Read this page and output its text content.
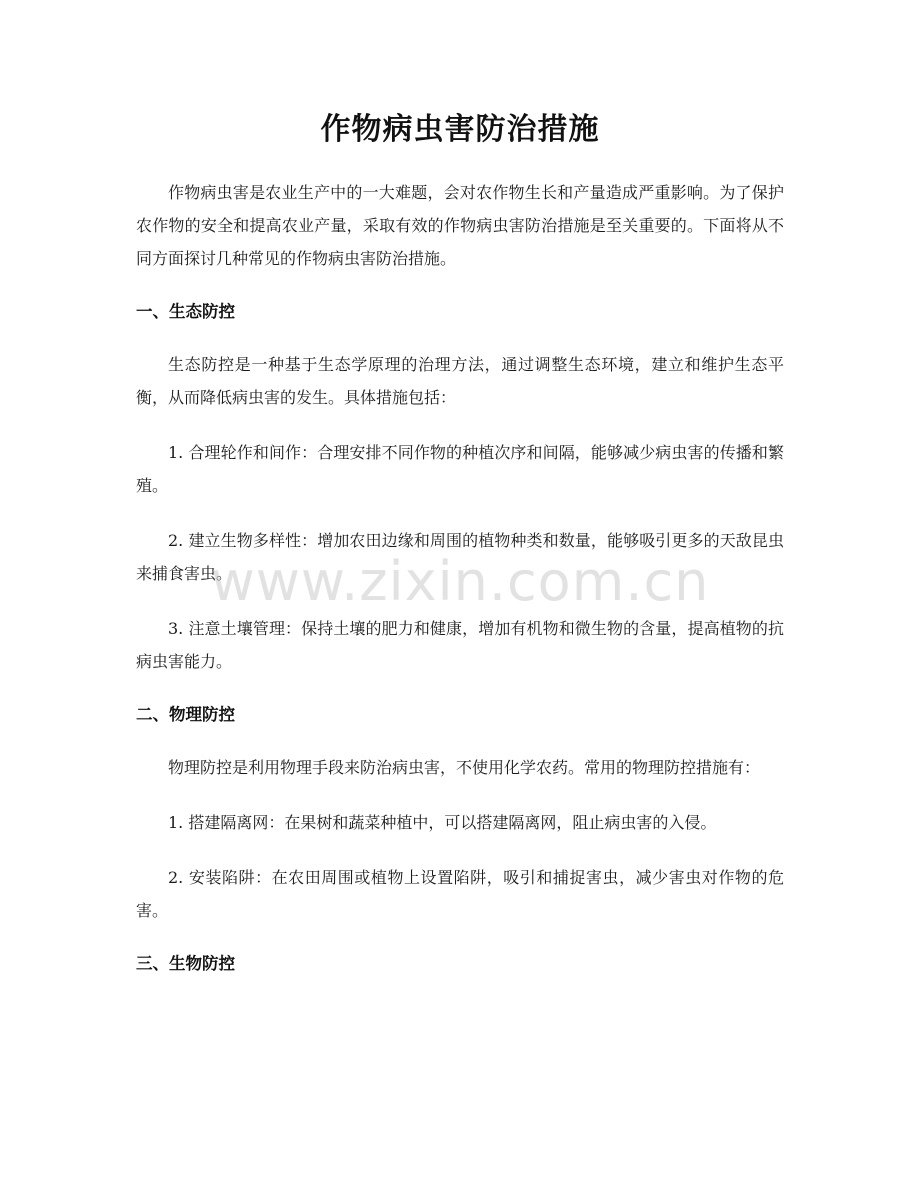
作物病虫害防治措施

作物病虫害是农业生产中的一大难题，会对农作物生长和产量造成严重影响。为了保护农作物的安全和提高农业产量，采取有效的作物病虫害防治措施是至关重要的。下面将从不同方面探讨几种常见的作物病虫害防治措施。

一、生态防控

生态防控是一种基于生态学原理的治理方法，通过调整生态环境，建立和维护生态平衡，从而降低病虫害的发生。具体措施包括：

1. 合理轮作和间作：合理安排不同作物的种植次序和间隔，能够减少病虫害的传播和繁殖。

2. 建立生物多样性：增加农田边缘和周围的植物种类和数量，能够吸引更多的天敌昆虫来捕食害虫。

3. 注意土壤管理：保持土壤的肥力和健康，增加有机物和微生物的含量，提高植物的抗病虫害能力。

二、物理防控

物理防控是利用物理手段来防治病虫害，不使用化学农药。常用的物理防控措施有：

1. 搭建隔离网：在果树和蔬菜种植中，可以搭建隔离网，阻止病虫害的入侵。

2. 安装陷阱：在农田周围或植物上设置陷阱，吸引和捕捉害虫，减少害虫对作物的危害。

三、生物防控
www.zixin.com.cn
